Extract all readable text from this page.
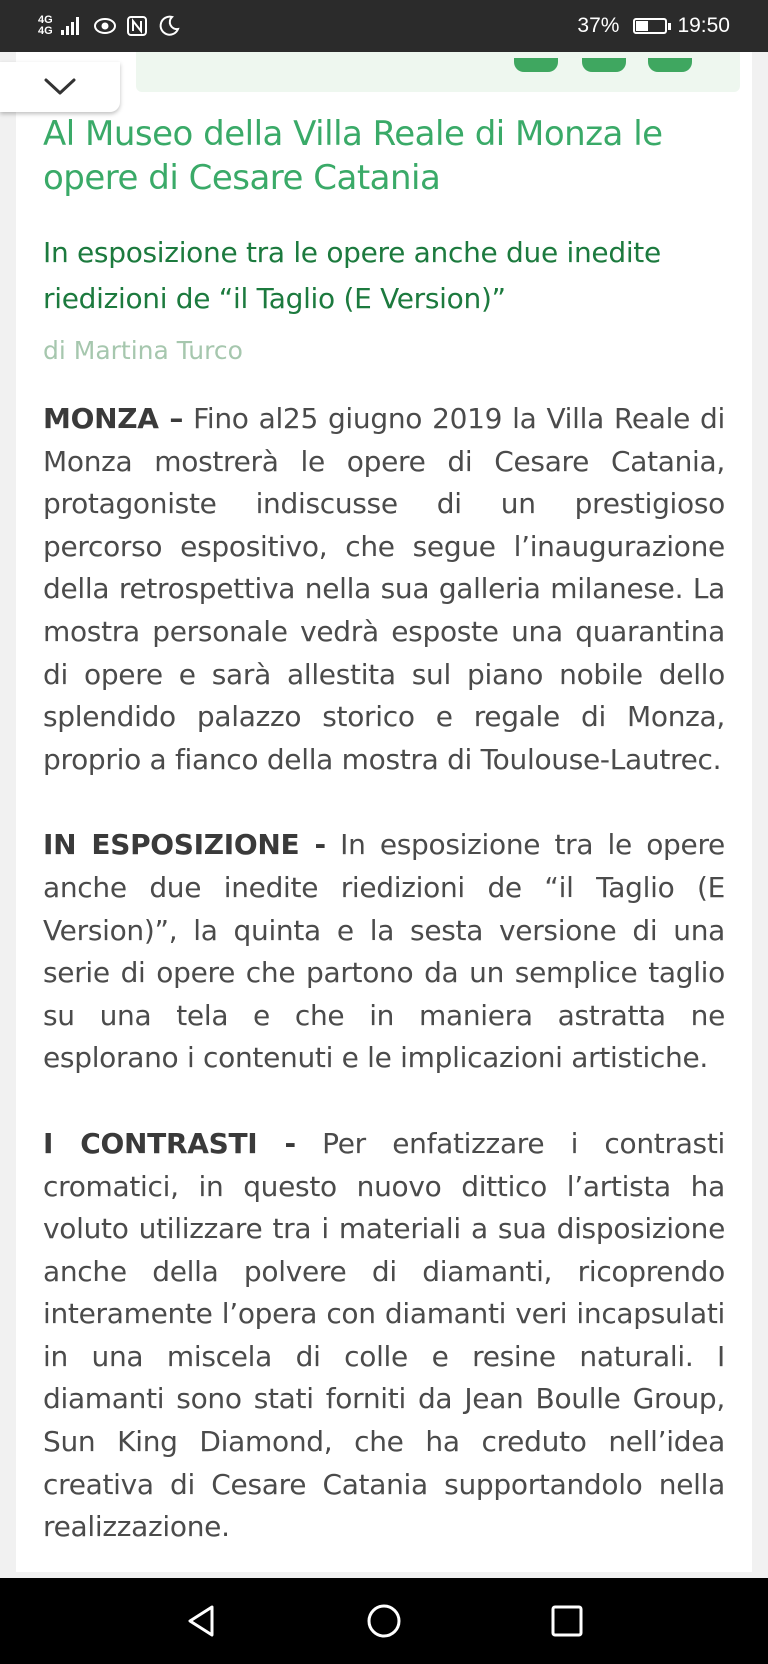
4G
4G	37%	19:50
Al Museo della Villa Reale di Monza le opere di Cesare Catania
In esposizione tra le opere anche due inedite riedizioni de “il Taglio (E Version)”
di Martina Turco

MONZA – Fino al25 giugno 2019 la Villa Reale di Monza mostrerà le opere di Cesare Catania, protagoniste indiscusse di un prestigioso percorso espositivo, che segue l’inaugurazione della retrospettiva nella sua galleria milanese. La mostra personale vedrà esposte una quarantina di opere e sarà allestita sul piano nobile dello splendido palazzo storico e regale di Monza, proprio a fianco della mostra di Toulouse-Lautrec.

IN ESPOSIZIONE - In esposizione tra le opere anche due inedite riedizioni de “il Taglio (E Version)”, la quinta e la sesta versione di una serie di opere che partono da un semplice taglio su una tela e che in maniera astratta ne esplorano i contenuti e le implicazioni artistiche.

I CONTRASTI - Per enfatizzare i contrasti cromatici, in questo nuovo dittico l’artista ha voluto utilizzare tra i materiali a sua disposizione anche della polvere di diamanti, ricoprendo interamente l’opera con diamanti veri incapsulati in una miscela di colle e resine naturali. I diamanti sono stati forniti da Jean Boulle Group, Sun King Diamond, che ha creduto nell’idea creativa di Cesare Catania supportandolo nella realizzazione.
